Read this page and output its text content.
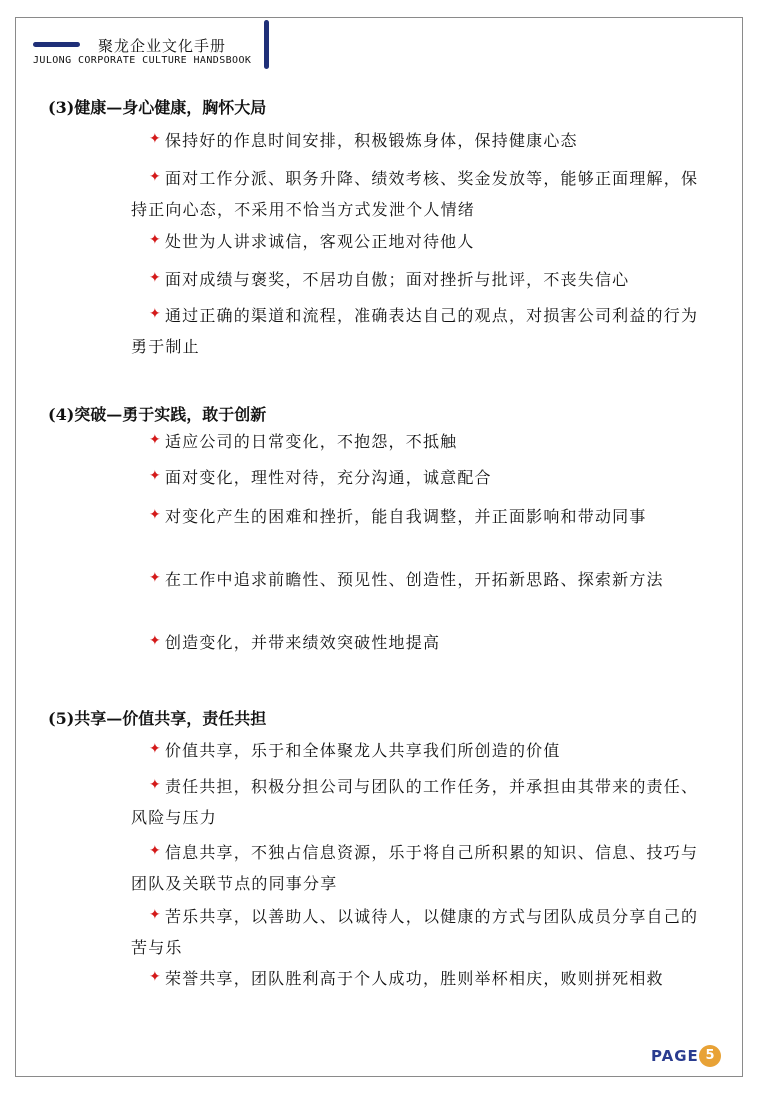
聚龙企业文化手册
JULONG CORPORATE CULTURE HANDSBOOK
(3)健康—身心健康，胸怀大局
✦ 保持好的作息时间安排，积极锻炼身体，保持健康心态
✦ 面对工作分派、职务升降、绩效考核、奖金发放等，能够正面理解，保持正向心态，不采用不恰当方式发泄个人情绪
✦ 处世为人讲求诚信，客观公正地对待他人
✦ 面对成绩与褒奖，不居功自傲；面对挫折与批评，不丧失信心
✦ 通过正确的渠道和流程，准确表达自己的观点，对损害公司利益的行为勇于制止
(4)突破—勇于实践，敢于创新
✦ 适应公司的日常变化，不抱怨，不抵触
✦ 面对变化，理性对待，充分沟通，诚意配合
✦ 对变化产生的困难和挫折，能自我调整，并正面影响和带动同事
✦ 在工作中追求前瞻性、预见性、创造性，开拓新思路、探索新方法
✦ 创造变化，并带来绩效突破性地提高
(5)共享—价值共享，责任共担
✦ 价值共享，乐于和全体聚龙人共享我们所创造的价值
✦ 责任共担，积极分担公司与团队的工作任务，并承担由其带来的责任、风险与压力
✦ 信息共享，不独占信息资源，乐于将自己所积累的知识、信息、技巧与团队及关联节点的同事分享
✦ 苦乐共享，以善助人、以诚待人，以健康的方式与团队成员分享自己的苦与乐
✦ 荣誉共享，团队胜利高于个人成功，胜则举杯相庆，败则拼死相救
PAGE 5
